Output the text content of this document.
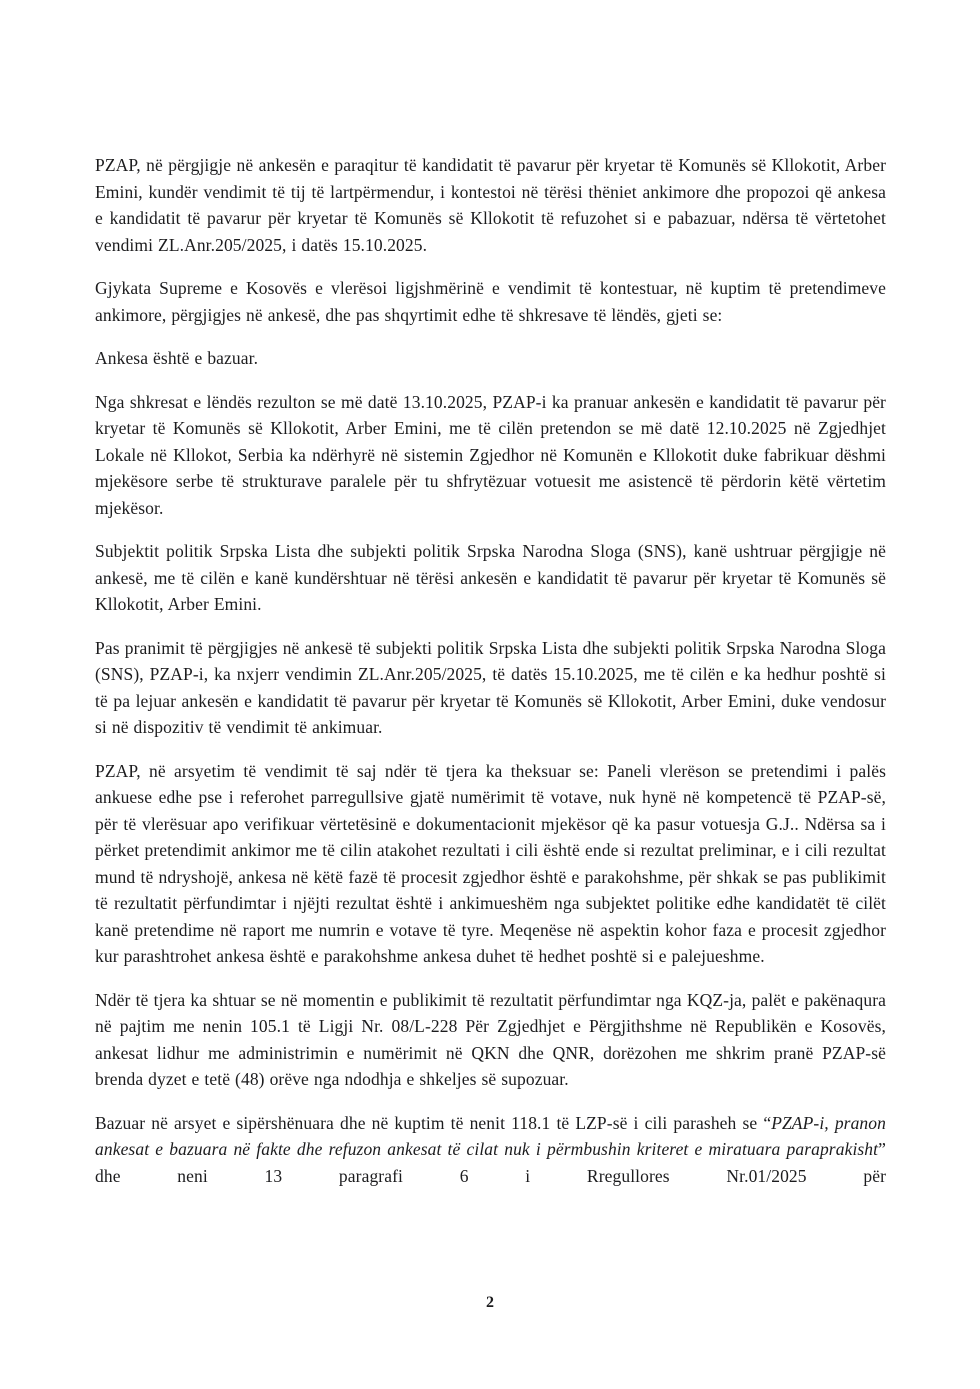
PZAP, në përgjigje në ankesën e paraqitur të kandidatit të pavarur për kryetar të Komunës së Kllokotit, Arber Emini, kundër vendimit të tij të lartpërmendur, i kontestoi në tërësi thëniet ankimore dhe propozoi që ankesa e kandidatit të pavarur për kryetar të Komunës së Kllokotit të refuzohet si e pabazuar, ndërsa të vërtetohet vendimi ZL.Anr.205/2025, i datës 15.10.2025.

Gjykata Supreme e Kosovës e vlerësoi ligjshmërinë e vendimit të kontestuar, në kuptim të pretendimeve ankimore, përgjigjes në ankesë, dhe pas shqyrtimit edhe të shkresave të lëndës, gjeti se:

Ankesa është e bazuar.

Nga shkresat e lëndës rezulton se më datë 13.10.2025, PZAP-i ka pranuar ankesën e kandidatit të pavarur për kryetar të Komunës së Kllokotit, Arber Emini, me të cilën pretendon se më datë 12.10.2025 në Zgjedhjet Lokale në Kllokot, Serbia ka ndërhyrë në sistemin Zgjedhor në Komunën e Kllokotit duke fabrikuar dëshmi mjekësore serbe të strukturave paralele për tu shfrytëzuar votuesit me asistencë të përdorin këtë vërtetim mjekësor.

Subjektit politik Srpska Lista dhe subjekti politik Srpska Narodna Sloga (SNS), kanë ushtruar përgjigje në ankesë, me të cilën e kanë kundërshtuar në tërësi ankesën e kandidatit të pavarur për kryetar të Komunës së Kllokotit, Arber Emini.

Pas pranimit të përgjigjes në ankesë të subjekti politik Srpska Lista dhe subjekti politik Srpska Narodna Sloga (SNS), PZAP-i, ka nxjerr vendimin ZL.Anr.205/2025, të datës 15.10.2025, me të cilën e ka hedhur poshtë si të pa lejuar ankesën e kandidatit të pavarur për kryetar të Komunës së Kllokotit, Arber Emini, duke vendosur si në dispozitiv të vendimit të ankimuar.

PZAP, në arsyetim të vendimit të saj ndër të tjera ka theksuar se: Paneli vlerëson se pretendimi i palës ankuese edhe pse i referohet parregullsive gjatë numërimit të votave, nuk hynë në kompetencë të PZAP-së, për të vlerësuar apo verifikuar vërtetësinë e dokumentacionit mjekësor që ka pasur votuesja G.J.. Ndërsa sa i përket pretendimit ankimor me të cilin atakohet rezultati i cili është ende si rezultat preliminar, e i cili rezultat mund të ndryshojë, ankesa në këtë fazë të procesit zgjedhor është e parakohshme, për shkak se pas publikimit të rezultatit përfundimtar i njëjti rezultat është i ankimueshëm nga subjektet politike edhe kandidatët të cilët kanë pretendime në raport me numrin e votave të tyre. Meqenëse në aspektin kohor faza e procesit zgjedhor kur parashtrohet ankesa është e parakohshme ankesa duhet të hedhet poshtë si e palejueshme.

Ndër të tjera ka shtuar se në momentin e publikimit të rezultatit përfundimtar nga KQZ-ja, palët e pakënaqura në pajtim me nenin 105.1 të Ligji Nr. 08/L-228 Për Zgjedhjet e Përgjithshme në Republikën e Kosovës, ankesat lidhur me administrimin e numërimit në QKN dhe QNR, dorëzohen me shkrim pranë PZAP-së brenda dyzet e tetë (48) orëve nga ndodhja e shkeljes së supozuar.

Bazuar në arsyet e sipërshënuara dhe në kuptim të nenit 118.1 të LZP-së i cili parasheh se “PZAP-i, pranon ankesat e bazuara në fakte dhe refuzon ankesat të cilat nuk i përmbushin kriteret e miratuara paraprakisht” dhe neni 13 paragrafi 6 i Rregullores Nr.01/2025 për

2
